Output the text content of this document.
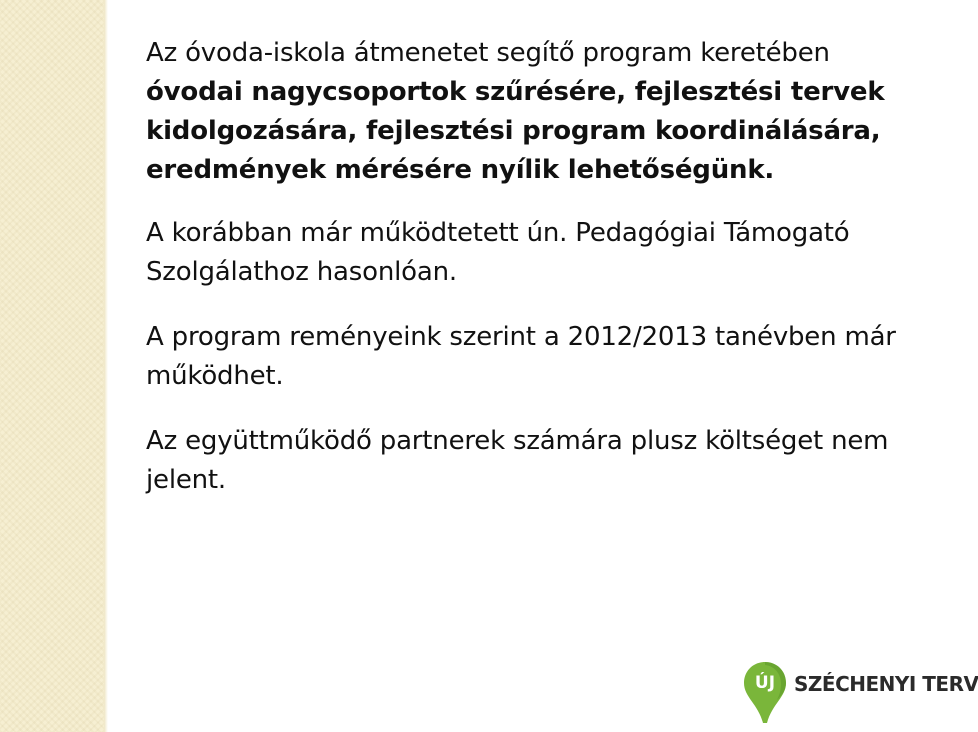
Az óvoda-iskola átmenetet segítő program keretében
óvodai nagycsoportok szűrésére, fejlesztési tervek kidolgozására, fejlesztési program koordinálására, eredmények mérésére nyílik lehetőségünk.

A korábban már működtetett ún. Pedagógiai Támogató Szolgálathoz hasonlóan.

A program reményeink szerint a 2012/2013 tanévben már működhet.

Az együttműködő partnerek számára plusz költséget nem jelent.

ÚJ SZÉCHENYI TERV
